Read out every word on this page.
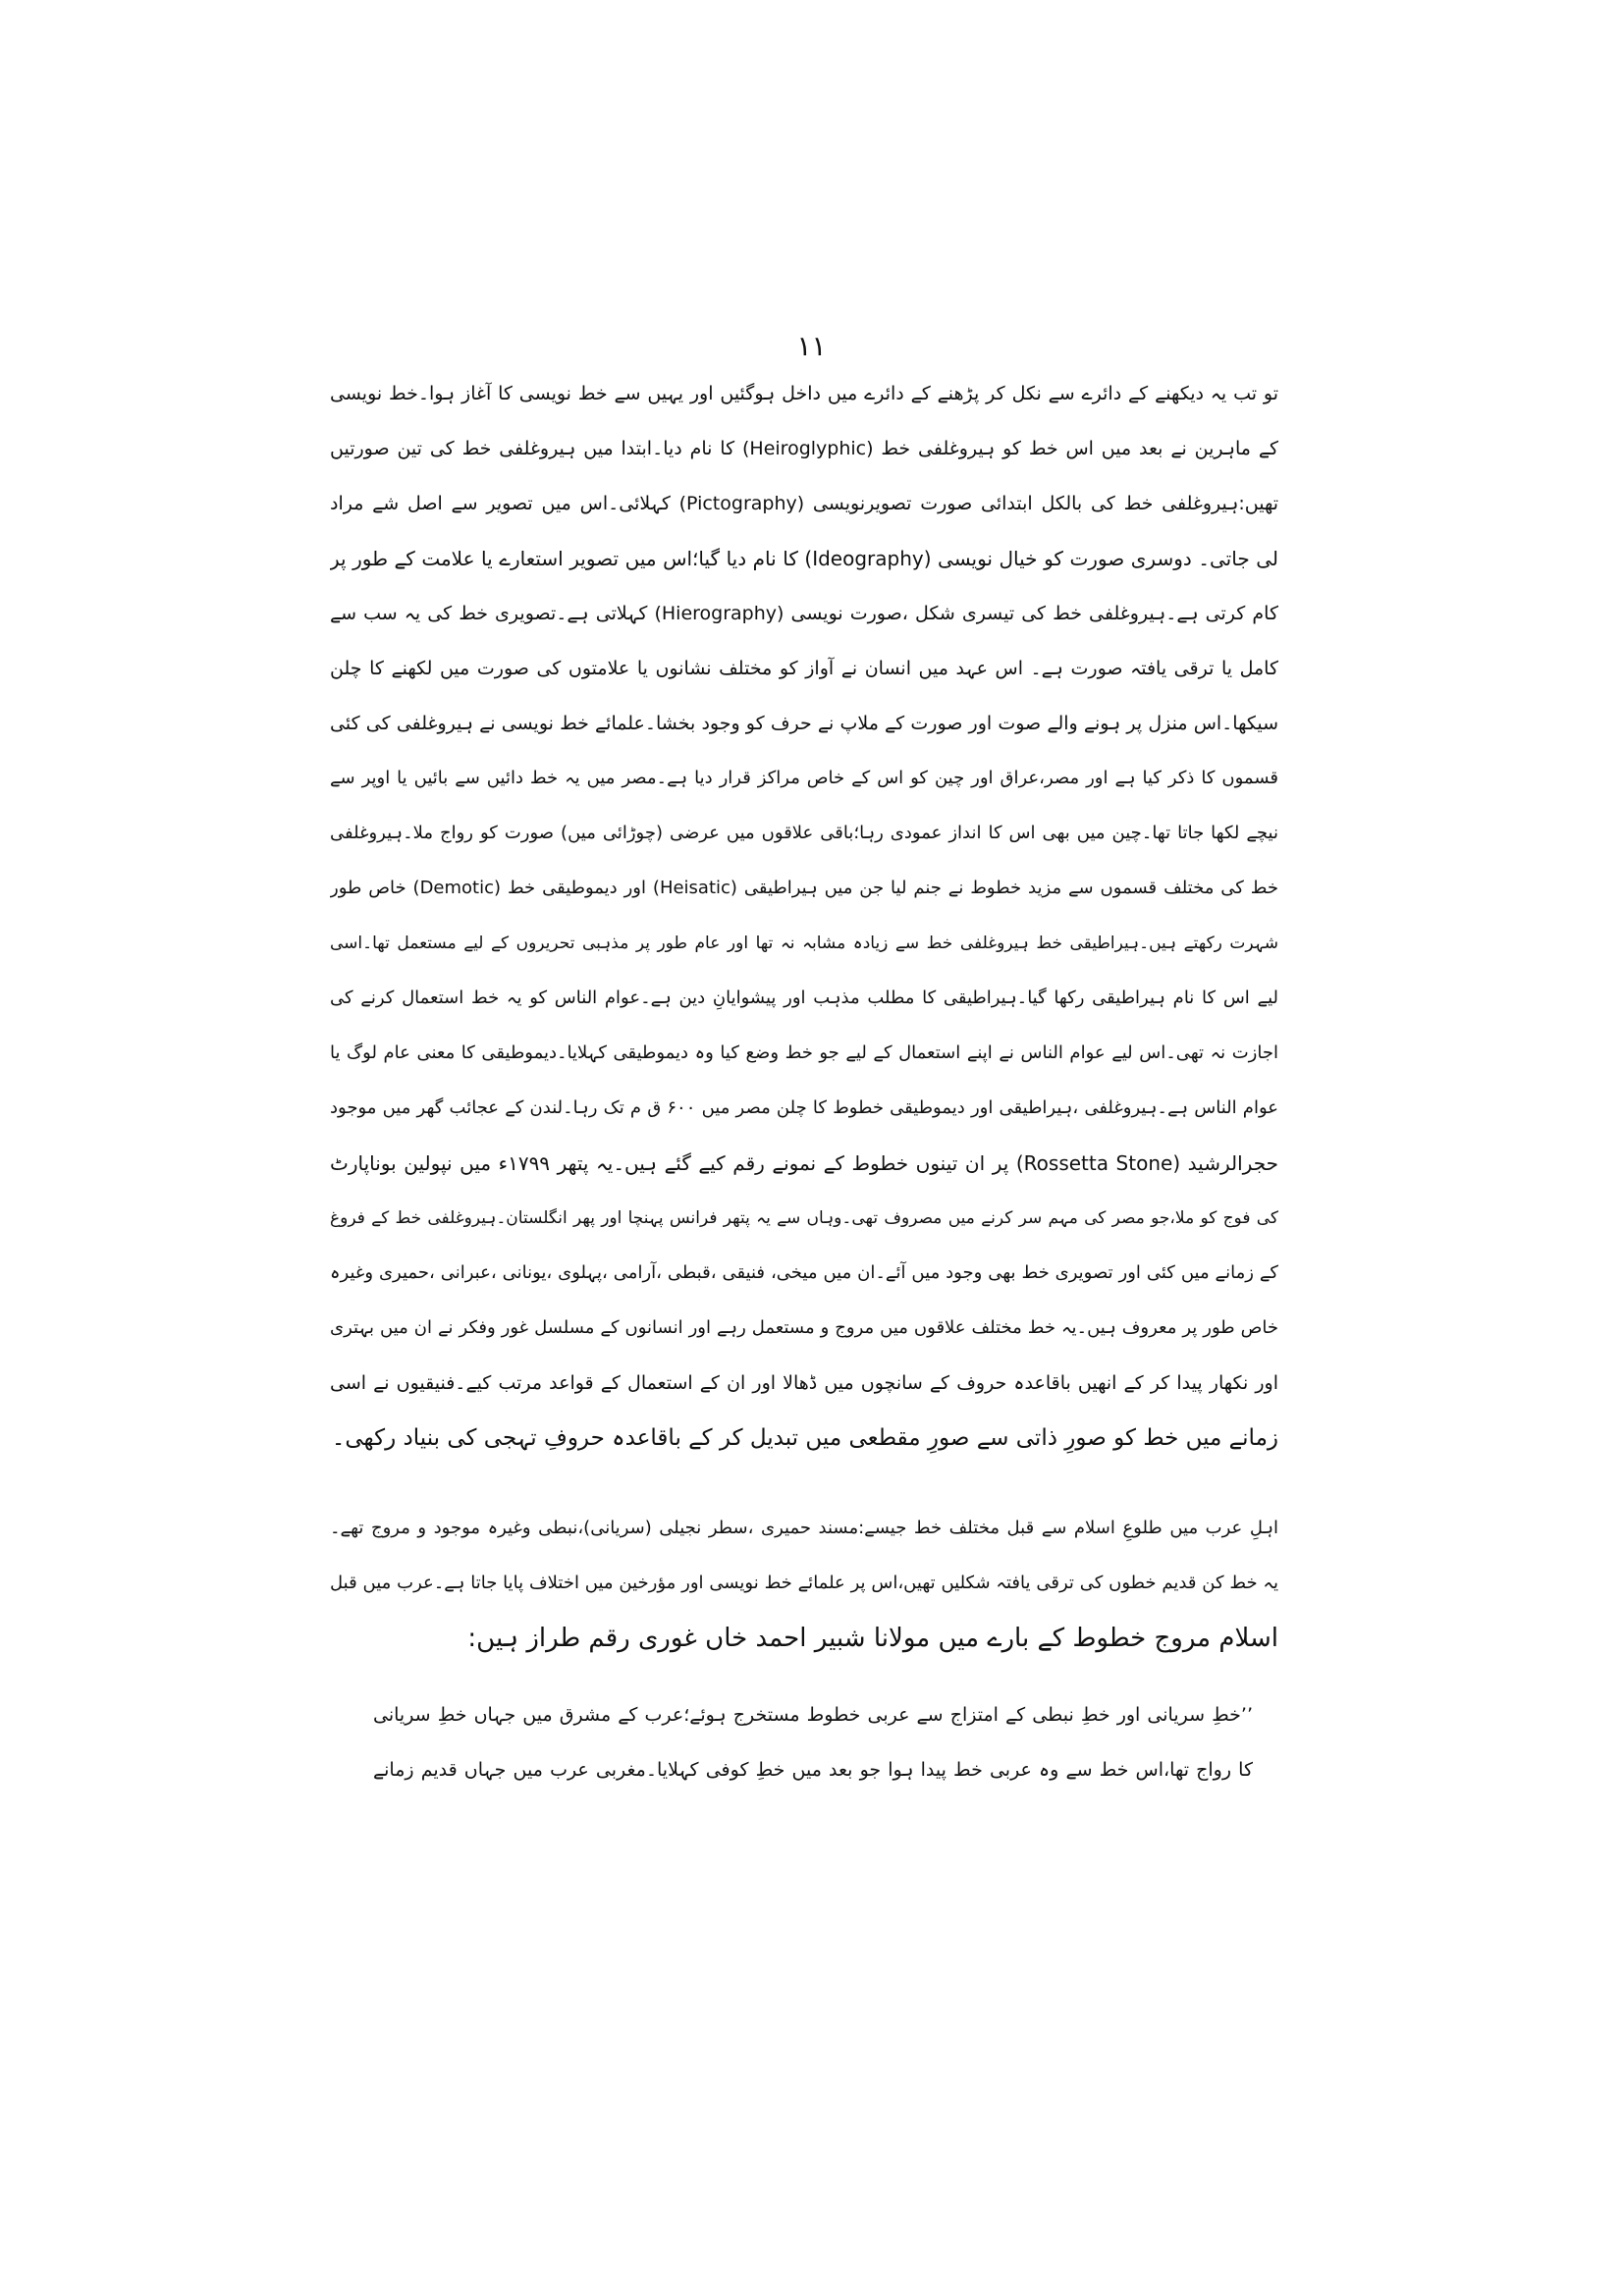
۱۱
تو تب یہ دیکھنے کے دائرے سے نکل کر پڑھنے کے دائرے میں داخل ہوگئیں اور یہیں سے خط نویسی کا آغاز ہوا۔خط نویسی
کے ماہرین نے بعد میں اس خط کو ہیروغلفی خط (Heiroglyphic) کا نام دیا۔ابتدا میں ہیروغلفی خط کی تین صورتیں
تھیں:ہیروغلفی خط کی بالکل ابتدائی صورت تصویرنویسی (Pictography) کہلائی۔اس میں تصویر سے اصل شے مراد
لی جاتی۔ دوسری صورت کو خیال نویسی (Ideography) کا نام دیا گیا؛اس میں تصویر استعارے یا علامت کے طور پر
کام کرتی ہے۔ہیروغلفی خط کی تیسری شکل ،صورت نویسی (Hierography) کہلاتی ہے۔تصویری خط کی یہ سب سے
کامل یا ترقی یافتہ صورت ہے۔ اس عہد میں انسان نے آواز کو مختلف نشانوں یا علامتوں کی صورت میں لکھنے کا چلن
سیکھا۔اس منزل پر ہونے والے صوت اور صورت کے ملاپ نے حرف کو وجود بخشا۔علمائے خط نویسی نے ہیروغلفی کی کئی
قسموں کا ذکر کیا ہے اور مصر،عراق اور چین کو اس کے خاص مراکز قرار دیا ہے۔مصر میں یہ خط دائیں سے بائیں یا اوپر سے
نیچے لکھا جاتا تھا۔چین میں بھی اس کا انداز عمودی رہا؛باقی علاقوں میں عرضی (چوڑائی میں) صورت کو رواج ملا۔ہیروغلفی
خط کی مختلف قسموں سے مزید خطوط نے جنم لیا جن میں ہیراطیقی (Heisatic) اور دیموطیقی خط (Demotic) خاص طور
شہرت رکھتے ہیں۔ہیراطیقی خط ہیروغلفی خط سے زیادہ مشابہ نہ تھا اور عام طور پر مذہبی تحریروں کے لیے مستعمل تھا۔اسی
لیے اس کا نام ہیراطیقی رکھا گیا۔ہیراطیقی کا مطلب مذہب اور پیشوایانِ دین ہے۔عوام الناس کو یہ خط استعمال کرنے کی
اجازت نہ تھی۔اس لیے عوام الناس نے اپنے استعمال کے لیے جو خط وضع کیا وہ دیموطیقی کہلایا۔دیموطیقی کا معنی عام لوگ یا
عوام الناس ہے۔ہیروغلفی ،ہیراطیقی اور دیموطیقی خطوط کا چلن مصر میں ۶۰۰ ق م تک رہا۔لندن کے عجائب گھر میں موجود
حجرالرشید (Rossetta Stone) پر ان تینوں خطوط کے نمونے رقم کیے گئے ہیں۔یہ پتھر ۱۷۹۹ء میں نپولین بوناپارٹ
کی فوج کو ملا،جو مصر کی مہم سر کرنے میں مصروف تھی۔وہاں سے یہ پتھر فرانس پہنچا اور پھر انگلستان۔ہیروغلفی خط کے فروغ
کے زمانے میں کئی اور تصویری خط بھی وجود میں آئے۔ان میں میخی، فنیقی ،قبطی ،آرامی ،پہلوی ،یونانی ،عبرانی ،حمیری وغیرہ
خاص طور پر معروف ہیں۔یہ خط مختلف علاقوں میں مروج و مستعمل رہے اور انسانوں کے مسلسل غور وفکر نے ان میں بہتری
اور نکھار پیدا کر کے انھیں باقاعدہ حروف کے سانچوں میں ڈھالا اور ان کے استعمال کے قواعد مرتب کیے۔فنیقیوں نے اسی
زمانے میں خط کو صورِ ذاتی سے صورِ مقطعی میں تبدیل کر کے باقاعدہ حروفِ تہجی کی بنیاد رکھی۔
اہلِ عرب میں طلوعِ اسلام سے قبل مختلف خط جیسے:مسند حمیری ،سطر نجیلی (سریانی)،نبطی وغیرہ موجود و مروج تھے۔
یہ خط کن قدیم خطوں کی ترقی یافتہ شکلیں تھیں،اس پر علمائے خط نویسی اور مؤرخین میں اختلاف پایا جاتا ہے۔عرب میں قبل
اسلام مروج خطوط کے بارے میں مولانا شبیر احمد خاں غوری رقم طراز ہیں:
’’خطِ سریانی اور خطِ نبطی کے امتزاج سے عربی خطوط مستخرج ہوئے؛عرب کے مشرق میں جہاں خطِ سریانی
کا رواج تھا،اس خط سے وہ عربی خط پیدا ہوا جو بعد میں خطِ کوفی کہلایا۔مغربی عرب میں جہاں قدیم زمانے
